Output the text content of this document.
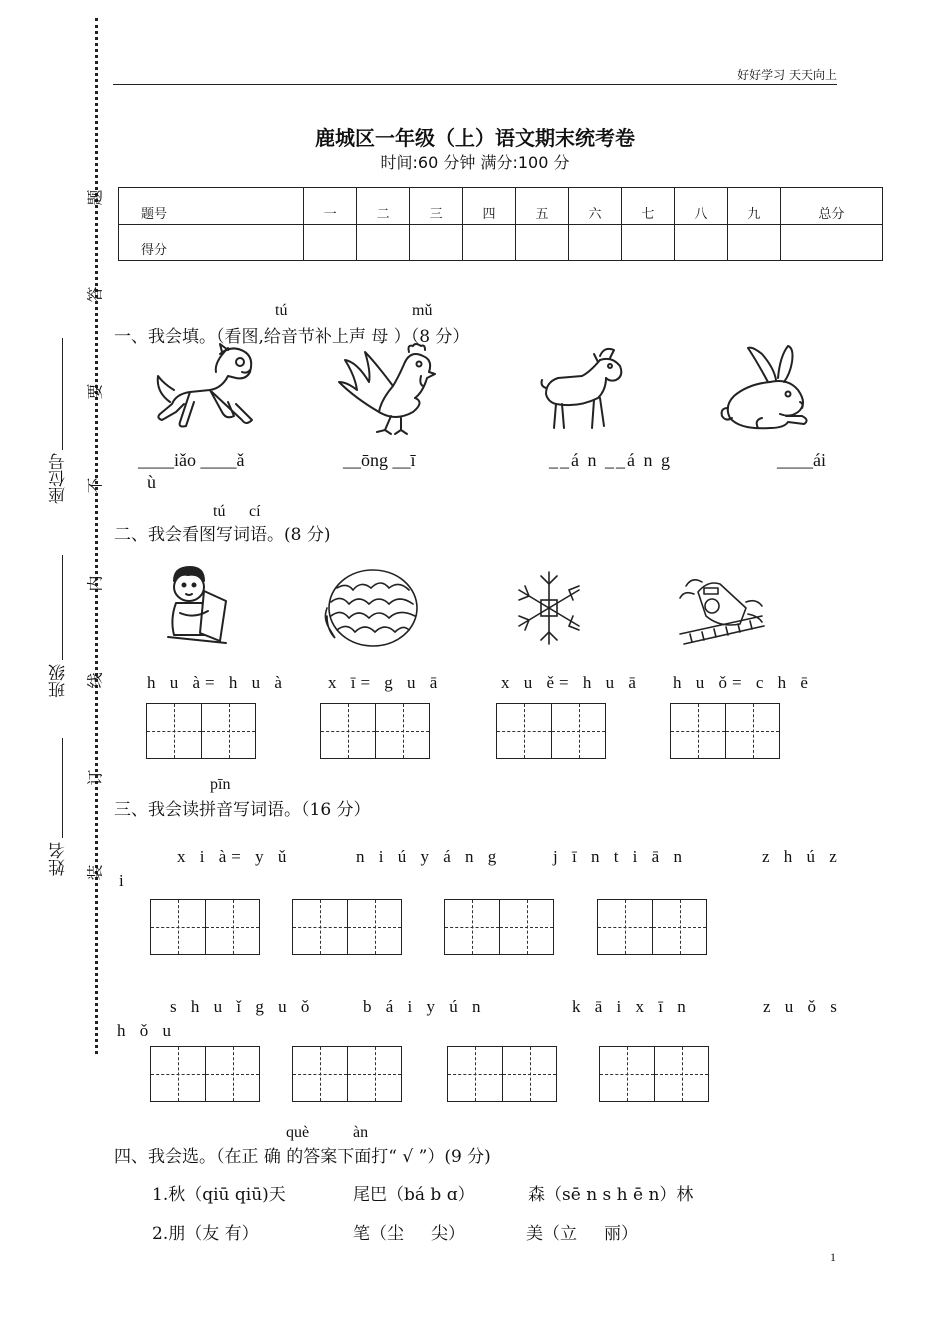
题
答
要
不
内
线
订
装
座位号
班级
姓名
好好学习 天天向上
鹿城区一年级（上）语文期末统考卷
时间:60 分钟 满分:100 分
题号	一	二	三	四	五	六	七	八	九	总分
得分										
tú	mǔ
一、我会填。（看图,给音节补上声 母 ）（8 分）
____iǎo ____ǎ	__ōng __ī	__á n __á n g	____ái
ù
tú cí
二、我会看图写词语。(8 分)
h u à= h u à x ī= g u ā	x u ě= h u ā h u ǒ= c h ē
pīn
三、我会读拼音写词语。（16 分）
x i à= y ǔ	n i ú y á n g	j ī n t i ā n	z h ú z
i
s h u ǐ g u ǒ	b á i y ú n	k ā i x ī n	z u ǒ s
h ǒ u
què	àn
四、我会选。（在正 确 的答案下面打“ √ ”）(9 分)
1.秋（qiū qiū)天	尾巴（bá b ɑ）	森（sē n s h ē n）林
2.朋（友 有）	笔（尘     尖）	美（立     丽）
1
